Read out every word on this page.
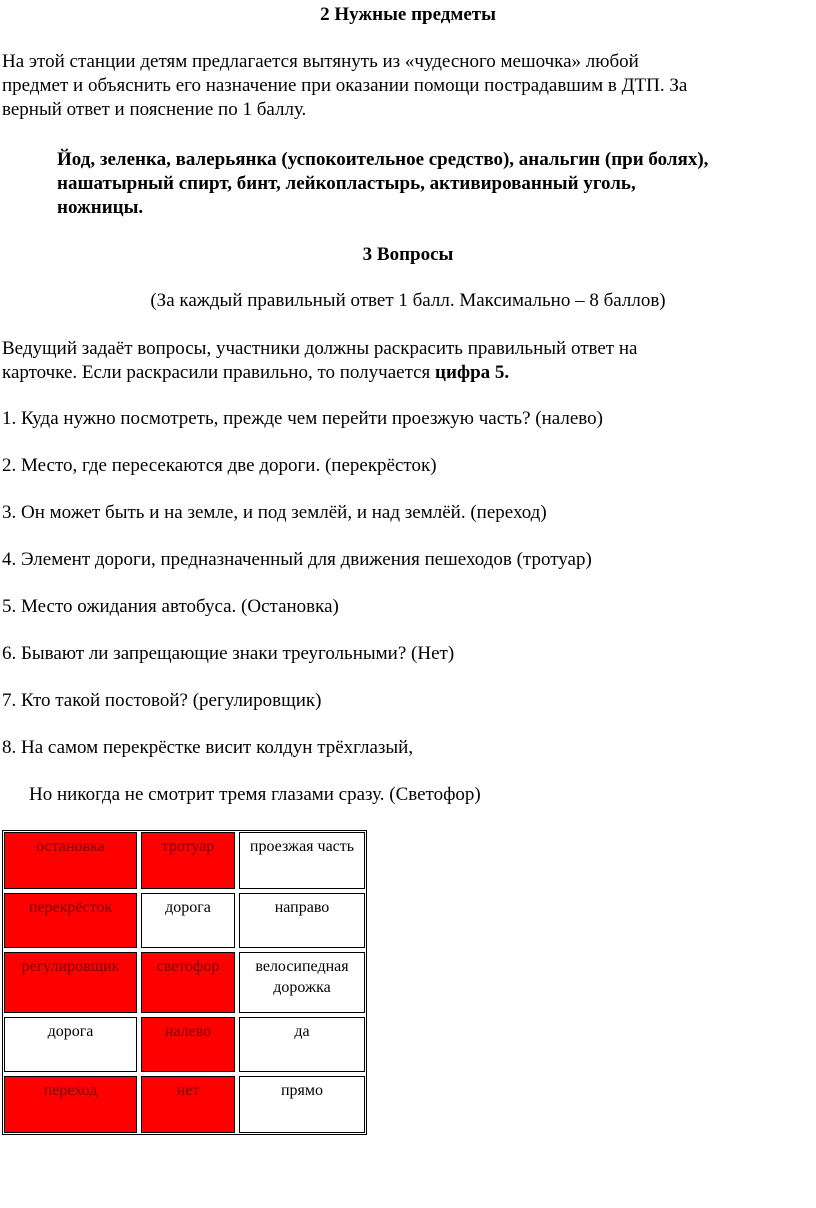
2 Нужные предметы
На этой станции детям предлагается вытянуть из «чудесного мешочка» любой
предмет и объяснить его назначение при оказании помощи пострадавшим в ДТП. За
верный ответ и пояснение по 1 баллу.
Йод, зеленка, валерьянка (успокоительное средство), анальгин (при болях),
нашатырный спирт, бинт, лейкопластырь, активированный уголь,
ножницы.
3 Вопросы
(За каждый правильный ответ 1 балл. Максимально – 8 баллов)
Ведущий задаёт вопросы, участники должны раскрасить правильный ответ на
карточке. Если раскрасили правильно, то получается цифра 5.
1. Куда нужно посмотреть, прежде чем перейти проезжую часть? (налево)
2. Место, где пересекаются две дороги. (перекрёсток)
3. Он может быть и на земле, и под землёй, и над землёй. (переход)
4. Элемент дороги, предназначенный для движения пешеходов (тротуар)
5. Место ожидания автобуса. (Остановка)
6. Бывают ли запрещающие знаки треугольными? (Нет)
7. Кто такой постовой? (регулировщик)
8. На самом перекрёстке висит колдун трёхглазый,
Но никогда не смотрит тремя глазами сразу. (Светофор)
остановка	тротуар	проезжая часть
перекрёсток	дорога	направо
регулировщик	светофор	велосипедная дорожка
дорога	налево	да
переход	нет	прямо
